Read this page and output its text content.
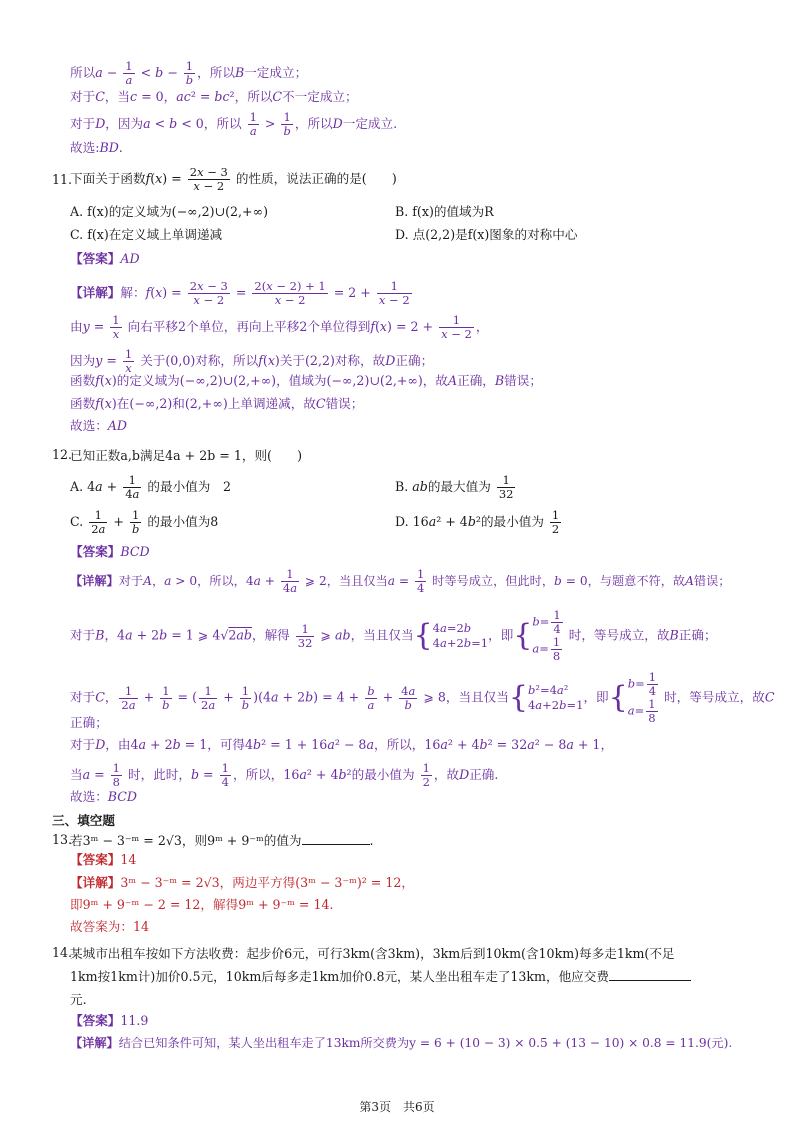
所以$a - \frac{1}{a} < b - \frac{1}{b}$ ，所以B一定成立；
对于C，当c = 0，ac² = bc²，所以C不一定成立；
对于D，因为a < b < 0，所以 $\frac{1}{a} > \frac{1}{b}$ ，所以D一定成立.
故选:BD.
11.
下面关于函数$f(x) = \frac{2x - 3}{x - 2}$ 的性质，说法正确的是(　　)
A. f(x)的定义域为(−∞,2)∪(2,+∞)	B. f(x)的值域为R
C. f(x)在定义域上单调递减	D. 点(2,2)是f(x)图象的对称中心
【答案】AD
【详解】解：$f(x) = \frac{2x - 3}{x - 2} = \frac{2(x - 2) + 1}{x - 2} = 2 + \frac{1}{x - 2}$
由$y = \frac{1}{x}$ 向右平移2个单位，再向上平移2个单位得到$f(x) = 2 + \frac{1}{x - 2}$ ，
因为$y = \frac{1}{x}$ 关于(0,0)对称，所以f(x)关于(2,2)对称，故D正确；
函数f(x)的定义域为(−∞,2)∪(2,+∞)，值域为(−∞,2)∪(2,+∞)，故A正确，B错误；
函数f(x)在(−∞,2)和(2,+∞)上单调递减，故C错误；
故选：AD
12.
已知正数a,b满足4a + 2b = 1，则(　　)
A. $4a + \frac{1}{4a}$ 的最小值为　2	B. ab的最大值为 $\frac{1}{32}$
C. $\frac{1}{2a} + \frac{1}{b}$ 的最小值为8	D. 16a² + 4b²的最小值为 $\frac{1}{2}$
【答案】BCD
【详解】对于A，a > 0，所以，$4a + \frac{1}{4a}$ ⩾ 2，当且仅当$a = \frac{1}{4}$ 时等号成立，但此时，b = 0，与题意不符，故A错误；
对于B，4a + 2b = 1 ⩾ 4√2ab，解得 $\frac{1}{32}$ ⩾ ab，当且仅当{4a=2b
4a+2b=1，即{$b= \frac{1}{4}$

$a= \frac{1}{8}$
时，等号成立，故B正确；
对于C， $\frac{1}{2a} + \frac{1}{b}$ = ( $\frac{1}{2a} + \frac{1}{b} )(4a + 2b) = 4 + \frac{b}{a} + \frac{4a}{b}$ ⩾ 8，当且仅当{b²=4a²
4a+2b=1，即{$b= \frac{1}{4}$

$a= \frac{1}{8}$
时，等号成立，故C
正确；
对于D，由4a + 2b = 1，可得4b² = 1 + 16a² − 8a，所以，16a² + 4b² = 32a² − 8a + 1，
当$a = \frac{1}{8}$ 时，此时，$b = \frac{1}{4}$ ，所以，16a² + 4b²的最小值为 $\frac{1}{2}$ ，故D正确.
故选：BCD
三、填空题
13.
若3ᵐ − 3⁻ᵐ = 2√3，则9ᵐ + 9⁻ᵐ的值为	.
【答案】14
【详解】3ᵐ − 3⁻ᵐ = 2√3，两边平方得(3ᵐ − 3⁻ᵐ)² = 12，
即9ᵐ + 9⁻ᵐ − 2 = 12，解得9ᵐ + 9⁻ᵐ = 14.
故答案为：14
14.
某城市出租车按如下方法收费：起步价6元，可行3km(含3km)，3km后到10km(含10km)每多走1km(不足
1km按1km计)加价0.5元，10km后每多走1km加价0.8元，某人坐出租车走了13km，他应交费
元.
【答案】11.9
【详解】结合已知条件可知，某人坐出租车走了13km所交费为y = 6 + (10 − 3) × 0.5 + (13 − 10) × 0.8 = 11.9(元).
第3页　共6页
